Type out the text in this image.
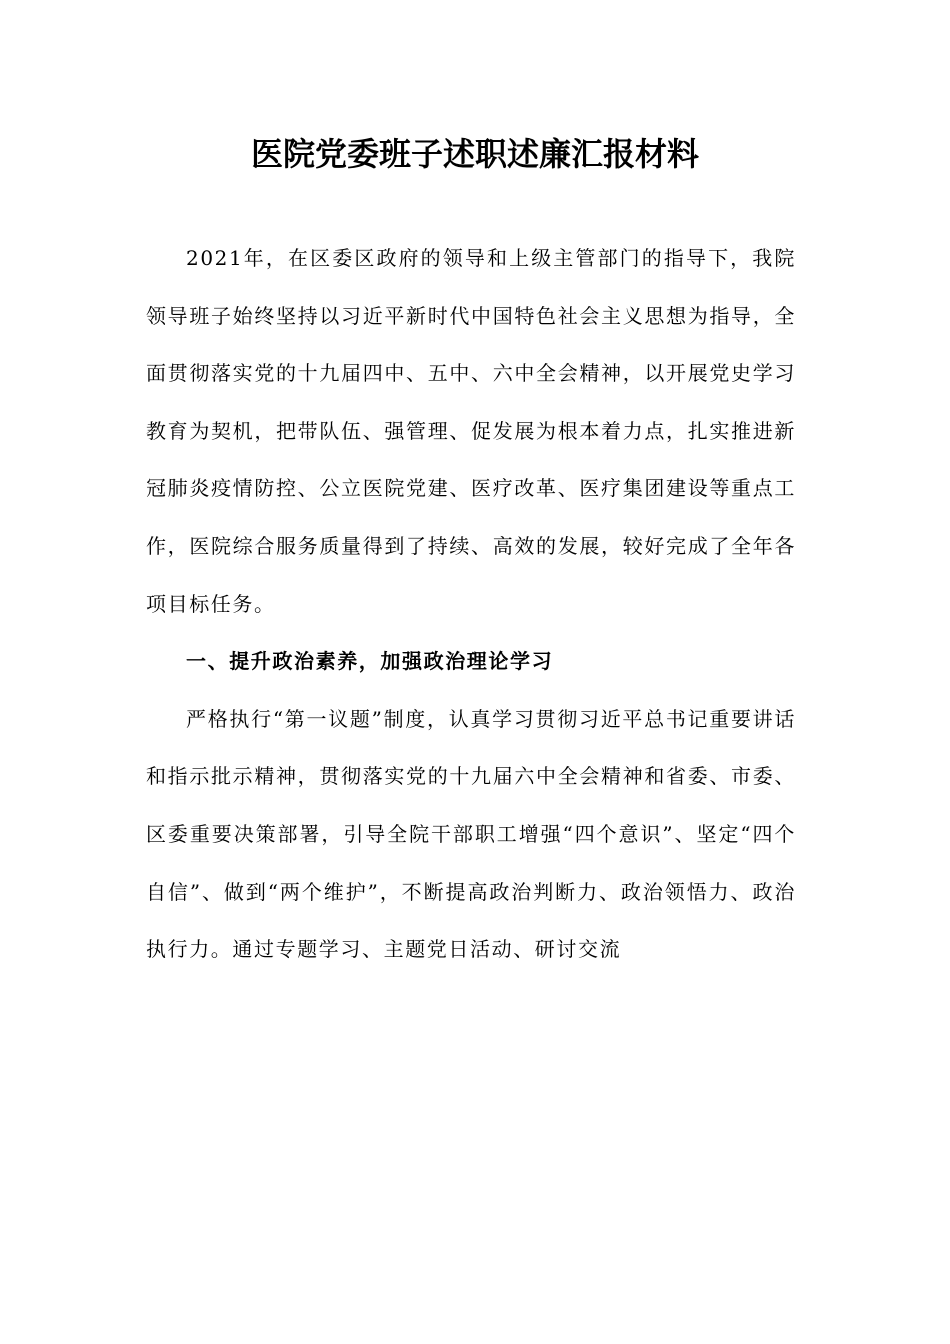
医院党委班子述职述廉汇报材料

2021年，在区委区政府的领导和上级主管部门的指导下，我院领导班子始终坚持以习近平新时代中国特色社会主义思想为指导，全面贯彻落实党的十九届四中、五中、六中全会精神，以开展党史学习教育为契机，把带队伍、强管理、促发展为根本着力点，扎实推进新冠肺炎疫情防控、公立医院党建、医疗改革、医疗集团建设等重点工作，医院综合服务质量得到了持续、高效的发展，较好完成了全年各项目标任务。

一、提升政治素养，加强政治理论学习

严格执行“第一议题”制度，认真学习贯彻习近平总书记重要讲话和指示批示精神，贯彻落实党的十九届六中全会精神和省委、市委、区委重要决策部署，引导全院干部职工增强“四个意识”、坚定“四个自信”、做到“两个维护”，不断提高政治判断力、政治领悟力、政治执行力。通过专题学习、主题党日活动、研讨交流
